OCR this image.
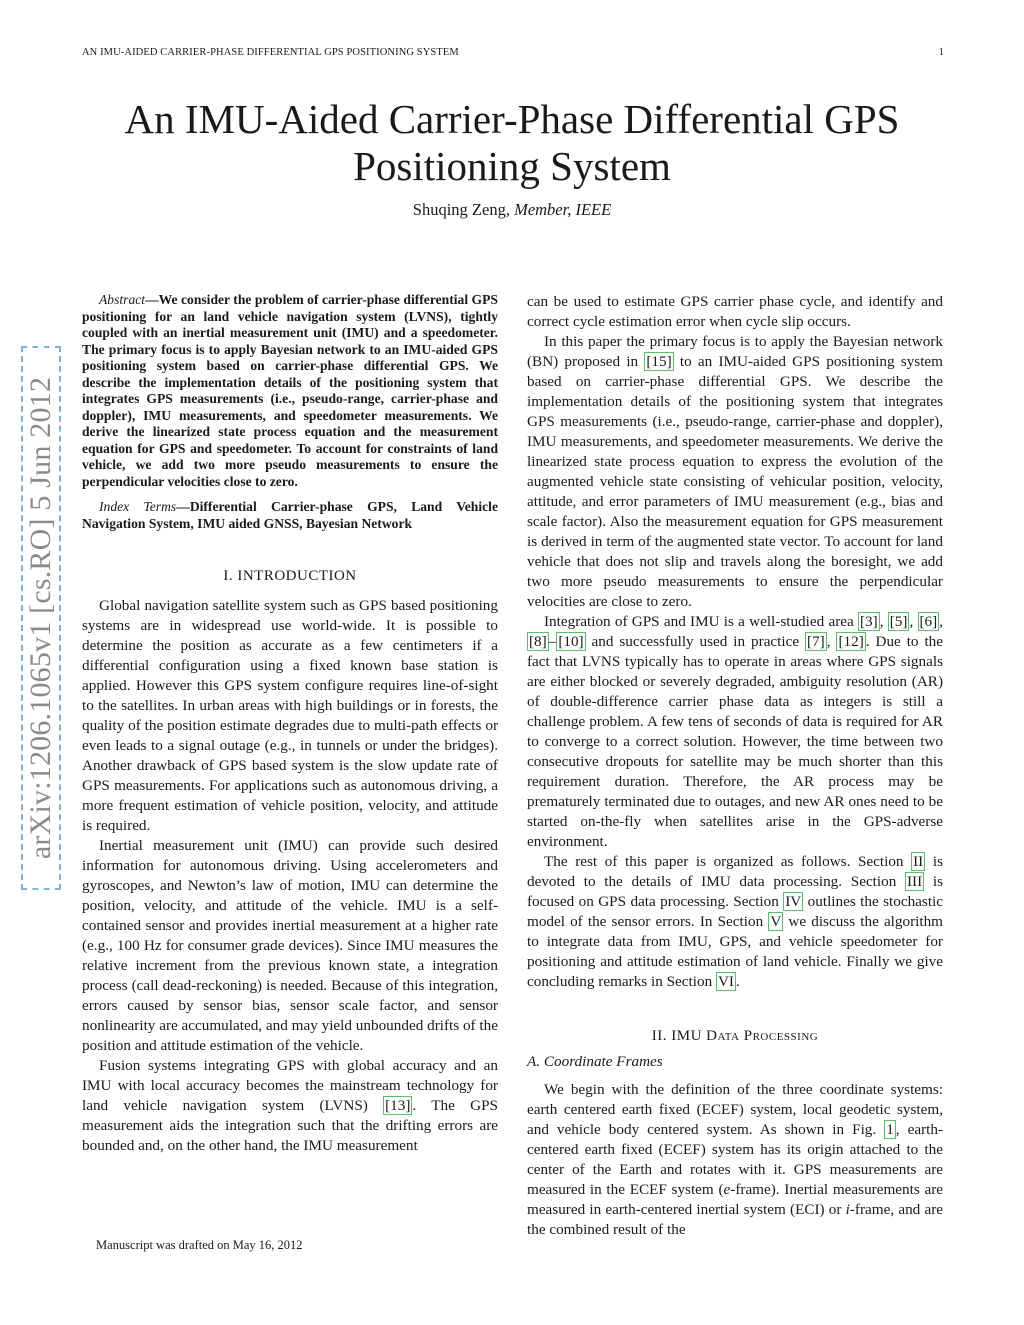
AN IMU-AIDED CARRIER-PHASE DIFFERENTIAL GPS POSITIONING SYSTEM	1
An IMU-Aided Carrier-Phase Differential GPS
Positioning System
Shuqing Zeng, Member, IEEE
arXiv:1206.1065v1 [cs.RO] 5 Jun 2012

Abstract—We consider the problem of carrier-phase differential GPS positioning for an land vehicle navigation system (LVNS), tightly coupled with an inertial measurement unit (IMU) and a speedometer. The primary focus is to apply Bayesian network to an IMU-aided GPS positioning system based on carrier-phase differential GPS. We describe the implementation details of the positioning system that integrates GPS measurements (i.e., pseudo-range, carrier-phase and doppler), IMU measurements, and speedometer measurements. We derive the linearized state process equation and the measurement equation for GPS and speedometer. To account for constraints of land vehicle, we add two more pseudo measurements to ensure the perpendicular velocities close to zero.

Index Terms—Differential Carrier-phase GPS, Land Vehicle Navigation System, IMU aided GNSS, Bayesian Network

I. INTRODUCTION

Global navigation satellite system such as GPS based positioning systems are in widespread use world-wide. It is possible to determine the position as accurate as a few centimeters if a differential configuration using a fixed known base station is applied. However this GPS system configure requires line-of-sight to the satellites. In urban areas with high buildings or in forests, the quality of the position estimate degrades due to multi-path effects or even leads to a signal outage (e.g., in tunnels or under the bridges). Another drawback of GPS based system is the slow update rate of GPS measurements. For applications such as autonomous driving, a more frequent estimation of vehicle position, velocity, and attitude is required.

Inertial measurement unit (IMU) can provide such desired information for autonomous driving. Using accelerometers and gyroscopes, and Newton’s law of motion, IMU can determine the position, velocity, and attitude of the vehicle. IMU is a self-contained sensor and provides inertial measurement at a higher rate (e.g., 100 Hz for consumer grade devices). Since IMU measures the relative increment from the previous known state, a integration process (call dead-reckoning) is needed. Because of this integration, errors caused by sensor bias, sensor scale factor, and sensor nonlinearity are accumulated, and may yield unbounded drifts of the position and attitude estimation of the vehicle.

Fusion systems integrating GPS with global accuracy and an IMU with local accuracy becomes the mainstream technology for land vehicle navigation system (LVNS) [13] . The GPS measurement aids the integration such that the drifting errors are bounded and, on the other hand, the IMU measurement

can be used to estimate GPS carrier phase cycle, and identify and correct cycle estimation error when cycle slip occurs.

In this paper the primary focus is to apply the Bayesian network (BN) proposed in [15] to an IMU-aided GPS positioning system based on carrier-phase differential GPS. We describe the implementation details of the positioning system that integrates GPS measurements (i.e., pseudo-range, carrier-phase and doppler), IMU measurements, and speedometer measurements. We derive the linearized state process equation to express the evolution of the augmented vehicle state consisting of vehicular position, velocity, attitude, and error parameters of IMU measurement (e.g., bias and scale factor). Also the measurement equation for GPS measurement is derived in term of the augmented state vector. To account for land vehicle that does not slip and travels along the boresight, we add two more pseudo measurements to ensure the perpendicular velocities are close to zero.

Integration of GPS and IMU is a well-studied area [3] , [5] , [6] , [8] – [10] and successfully used in practice [7] , [12] . Due to the fact that LVNS typically has to operate in areas where GPS signals are either blocked or severely degraded, ambiguity resolution (AR) of double-difference carrier phase data as integers is still a challenge problem. A few tens of seconds of data is required for AR to converge to a correct solution. However, the time between two consecutive dropouts for satellite may be much shorter than this requirement duration. Therefore, the AR process may be prematurely terminated due to outages, and new AR ones need to be started on-the-fly when satellites arise in the GPS-adverse environment.

The rest of this paper is organized as follows. Section II is devoted to the details of IMU data processing. Section III is focused on GPS data processing. Section IV outlines the stochastic model of the sensor errors. In Section V we discuss the algorithm to integrate data from IMU, GPS, and vehicle speedometer for positioning and attitude estimation of land vehicle. Finally we give concluding remarks in Section VI .

II. IMU Data Processing

A. Coordinate Frames

We begin with the definition of the three coordinate systems: earth centered earth fixed (ECEF) system, local geodetic system, and vehicle body centered system. As shown in Fig. 1 , earth-centered earth fixed (ECEF) system has its origin attached to the center of the Earth and rotates with it. GPS measurements are measured in the ECEF system (e-frame). Inertial measurements are measured in earth-centered inertial system (ECI) or i-frame, and are the combined result of the

Manuscript was drafted on May 16, 2012
